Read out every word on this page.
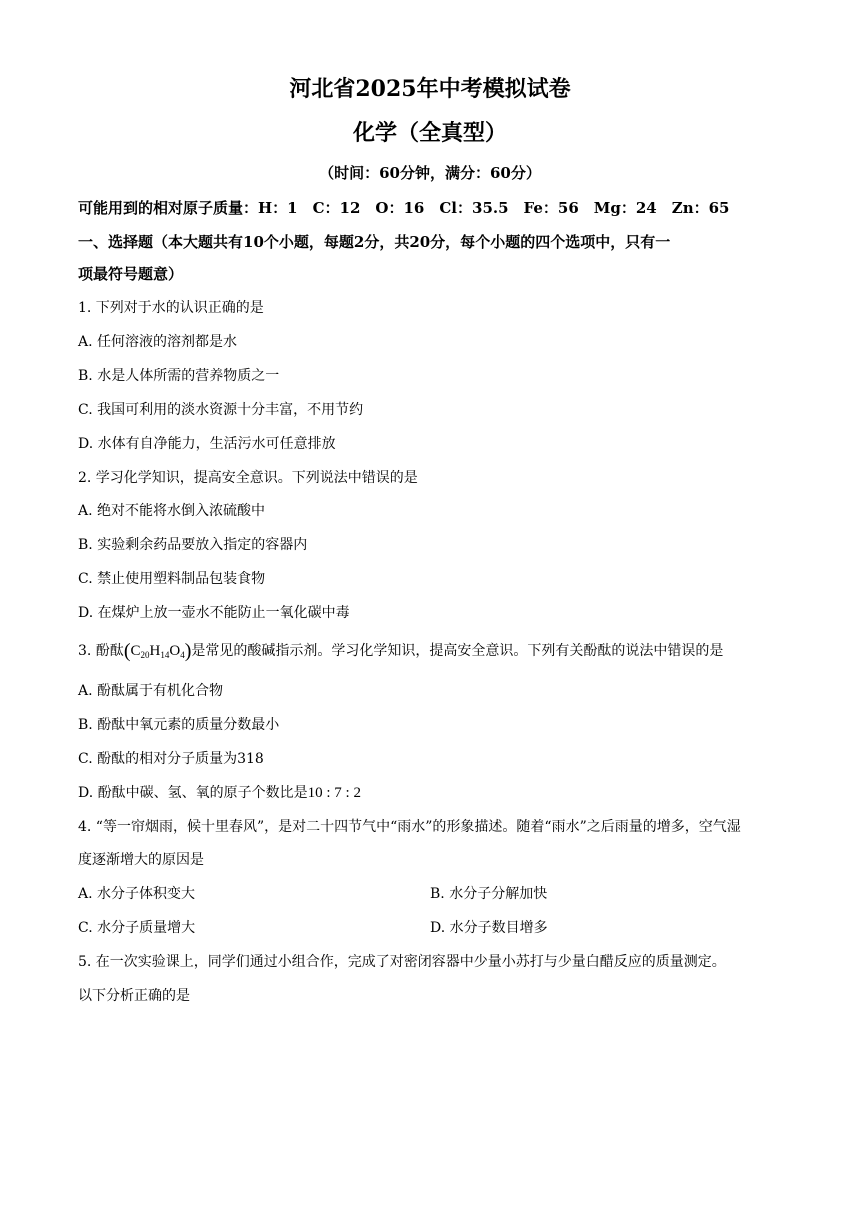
河北省2025年中考模拟试卷
化学（全真型）
（时间：60分钟，满分：60分）
可能用到的相对原子质量：H：1　C：12　O：16　Cl：35.5　Fe：56　Mg：24　Zn：65
一、选择题（本大题共有10个小题，每题2分，共20分，每个小题的四个选项中，只有一
项最符号题意）
1. 下列对于水的认识正确的是
A. 任何溶液的溶剂都是水
B. 水是人体所需的营养物质之一
C. 我国可利用的淡水资源十分丰富，不用节约
D. 水体有自净能力，生活污水可任意排放
2. 学习化学知识，提高安全意识。下列说法中错误的是
A. 绝对不能将水倒入浓硫酸中
B. 实验剩余药品要放入指定的容器内
C. 禁止使用塑料制品包装食物
D. 在煤炉上放一壶水不能防止一氧化碳中毒
3. 酚酞$(C_{20}H_{14}O_4)$是常见的酸碱指示剂。学习化学知识，提高安全意识。下列有关酚酞的说法中错误的是
A. 酚酞属于有机化合物
B. 酚酞中氧元素的质量分数最小
C. 酚酞的相对分子质量为318
D. 酚酞中碳、氢、氧的原子个数比是10 : 7 : 2
4. “等一帘烟雨，候十里春风”，是对二十四节气中“雨水”的形象描述。随着“雨水”之后雨量的增多，空气湿
度逐渐增大的原因是
A. 水分子体积变大	B. 水分子分解加快
C. 水分子质量增大	D. 水分子数目增多
5. 在一次实验课上，同学们通过小组合作，完成了对密闭容器中少量小苏打与少量白醋反应的质量测定。
以下分析正确的是
